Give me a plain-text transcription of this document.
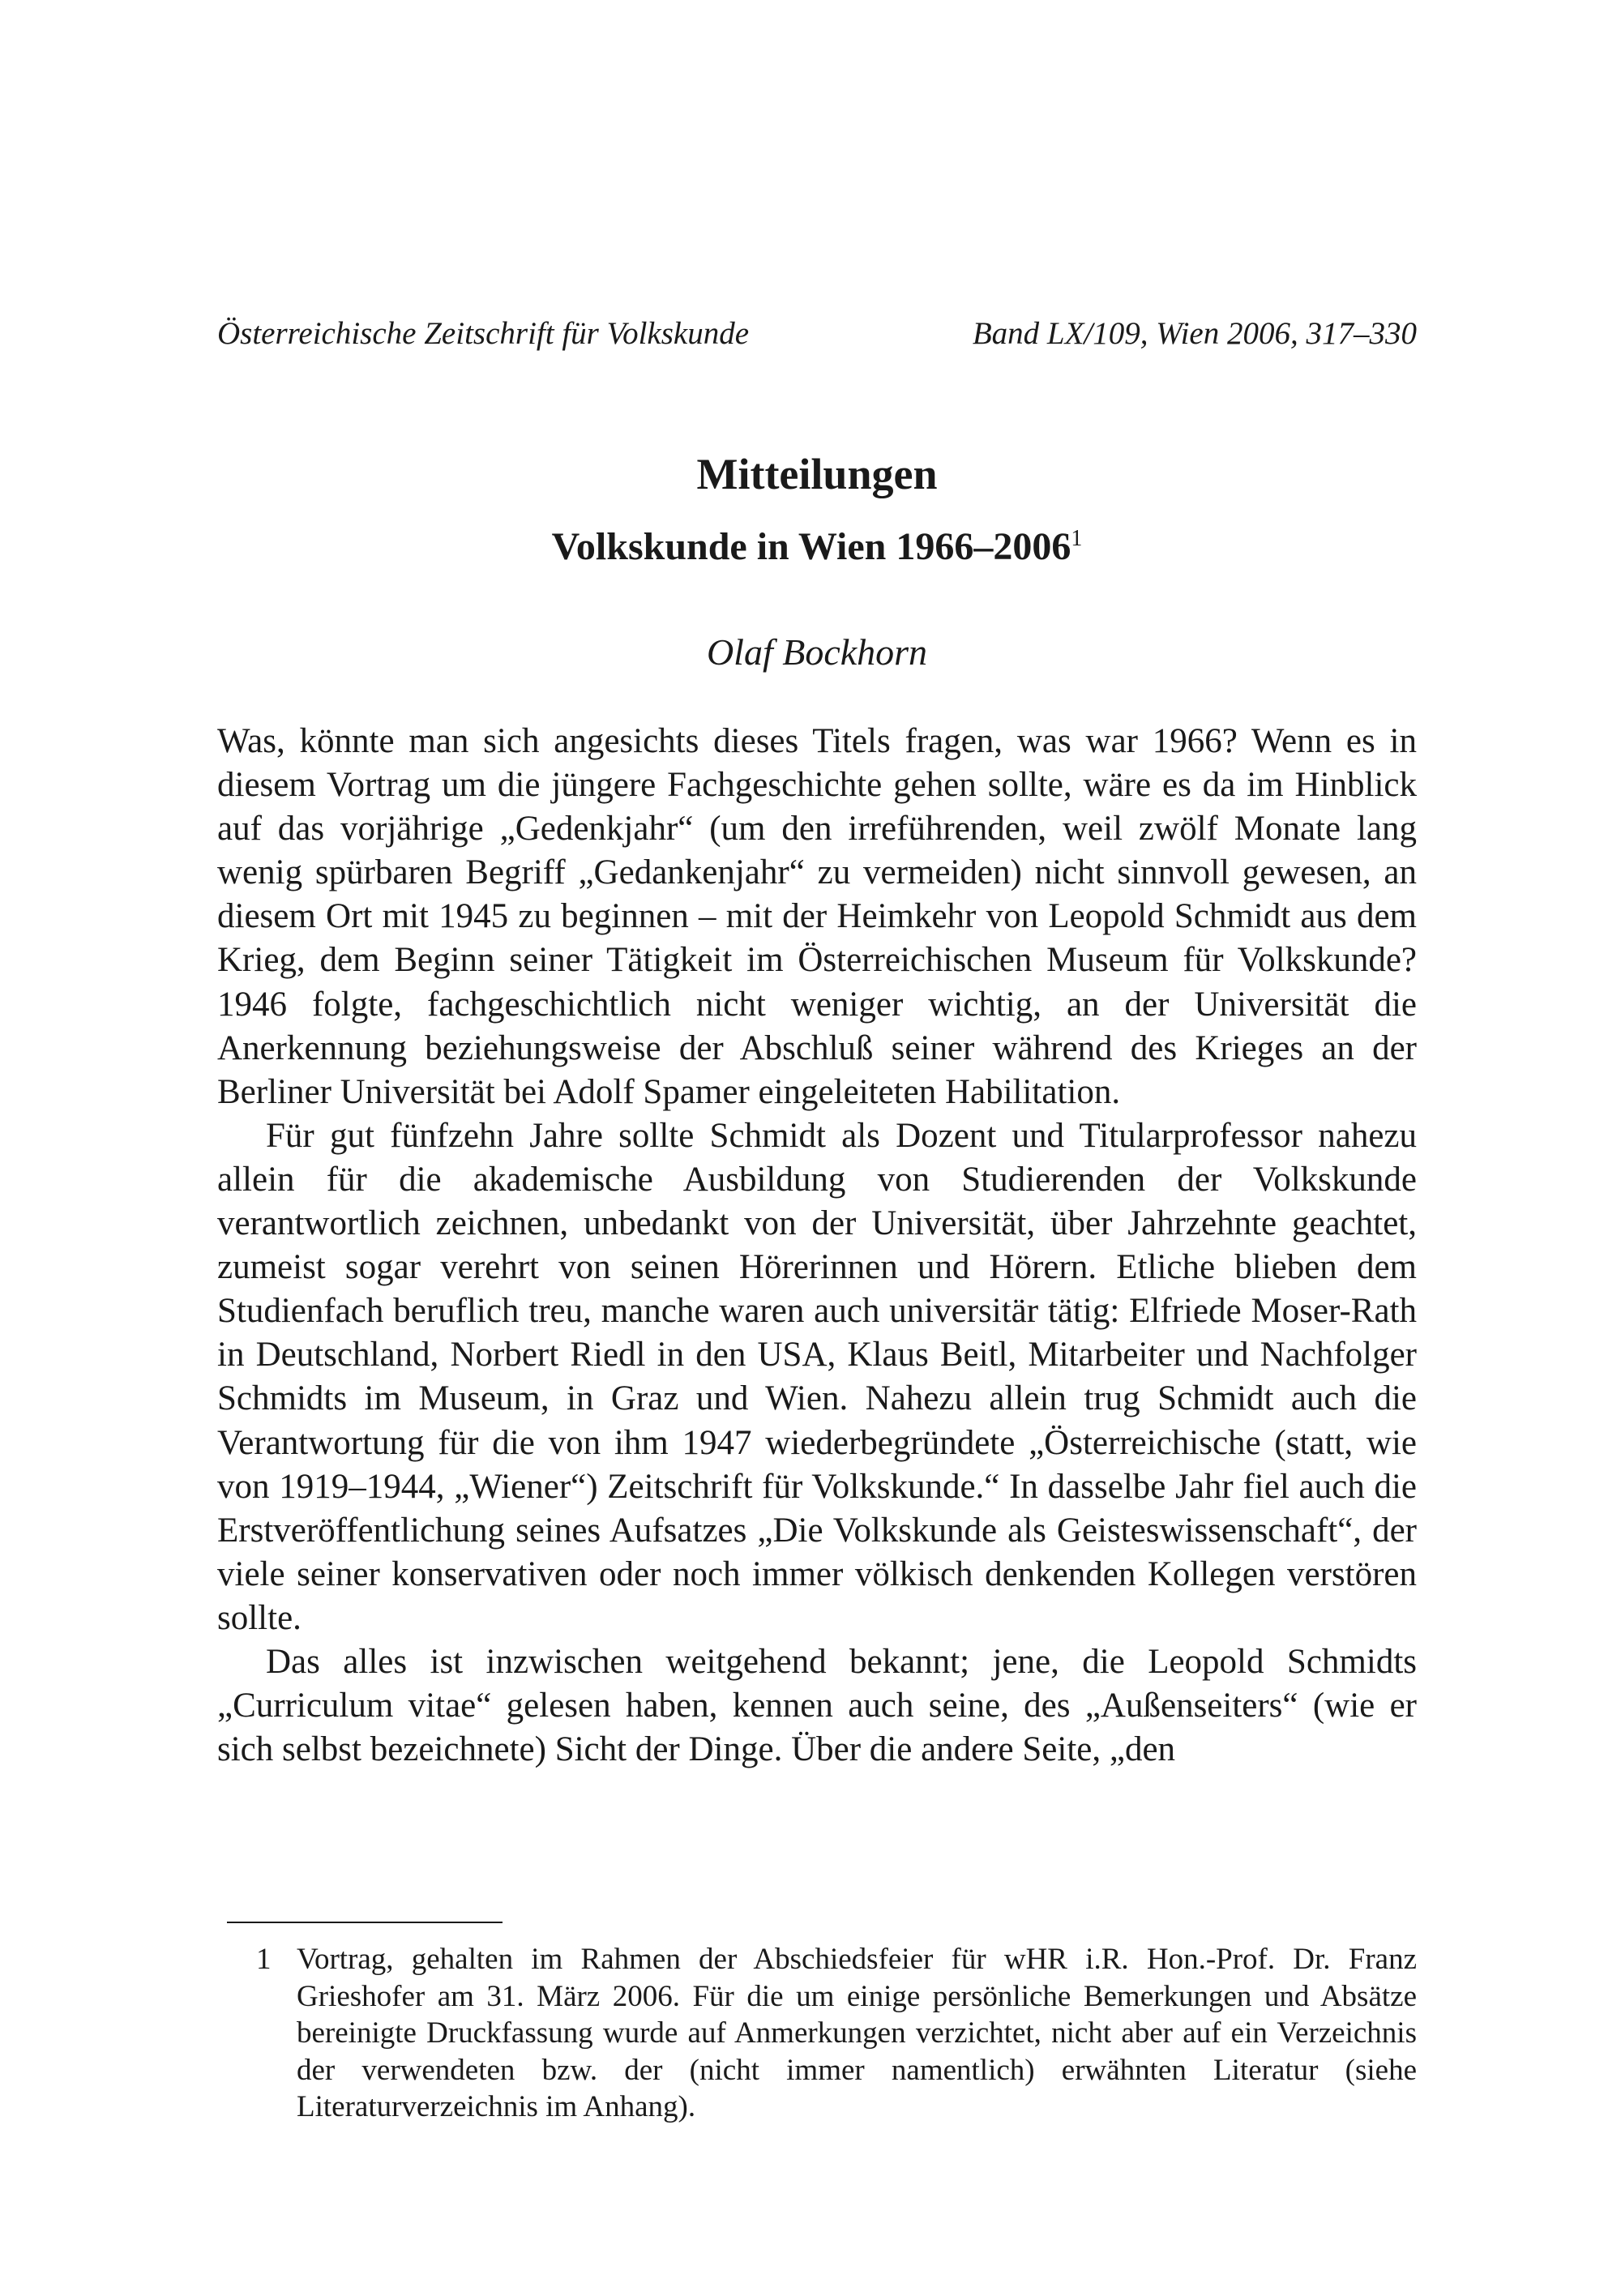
Österreichische Zeitschrift für Volkskunde	Band LX/109, Wien 2006, 317–330
Mitteilungen
Volkskunde in Wien 1966–2006$^1$
Olaf Bockhorn

Was, könnte man sich angesichts dieses Titels fragen, was war 1966? Wenn es in diesem Vortrag um die jüngere Fachgeschichte gehen sollte, wäre es da im Hinblick auf das vorjährige „Gedenkjahr“ (um den irreführenden, weil zwölf Monate lang wenig spürbaren Begriff „Gedankenjahr“ zu vermeiden) nicht sinnvoll gewesen, an diesem Ort mit 1945 zu beginnen – mit der Heimkehr von Leopold Schmidt aus dem Krieg, dem Beginn seiner Tätigkeit im Österreichischen Museum für Volkskunde? 1946 folgte, fachgeschichtlich nicht weniger wichtig, an der Universität die Anerkennung beziehungsweise der Abschluß seiner während des Krieges an der Berliner Universität bei Adolf Spamer eingeleiteten Habilitation.

Für gut fünfzehn Jahre sollte Schmidt als Dozent und Titularprofessor nahezu allein für die akademische Ausbildung von Studierenden der Volkskunde verantwortlich zeichnen, unbedankt von der Universität, über Jahrzehnte geachtet, zumeist sogar verehrt von seinen Hörerinnen und Hörern. Etliche blieben dem Studienfach beruflich treu, manche waren auch universitär tätig: Elfriede Moser-Rath in Deutschland, Norbert Riedl in den USA, Klaus Beitl, Mitarbeiter und Nachfolger Schmidts im Museum, in Graz und Wien. Nahezu allein trug Schmidt auch die Verantwortung für die von ihm 1947 wiederbegründete „Österreichische (statt, wie von 1919–1944, „Wiener“) Zeitschrift für Volkskunde.“ In dasselbe Jahr fiel auch die Erstveröffentlichung seines Aufsatzes „Die Volkskunde als Geisteswissenschaft“, der viele seiner konservativen oder noch immer völkisch denkenden Kollegen verstören sollte.

Das alles ist inzwischen weitgehend bekannt; jene, die Leopold Schmidts „Curriculum vitae“ gelesen haben, kennen auch seine, des „Außenseiters“ (wie er sich selbst bezeichnete) Sicht der Dinge. Über die andere Seite, „den

1 Vortrag, gehalten im Rahmen der Abschiedsfeier für wHR i.R. Hon.-Prof. Dr. Franz Grieshofer am 31. März 2006. Für die um einige persönliche Bemerkungen und Absätze bereinigte Druckfassung wurde auf Anmerkungen verzichtet, nicht aber auf ein Verzeichnis der verwendeten bzw. der (nicht immer namentlich) erwähnten Literatur (siehe Literaturverzeichnis im Anhang).
